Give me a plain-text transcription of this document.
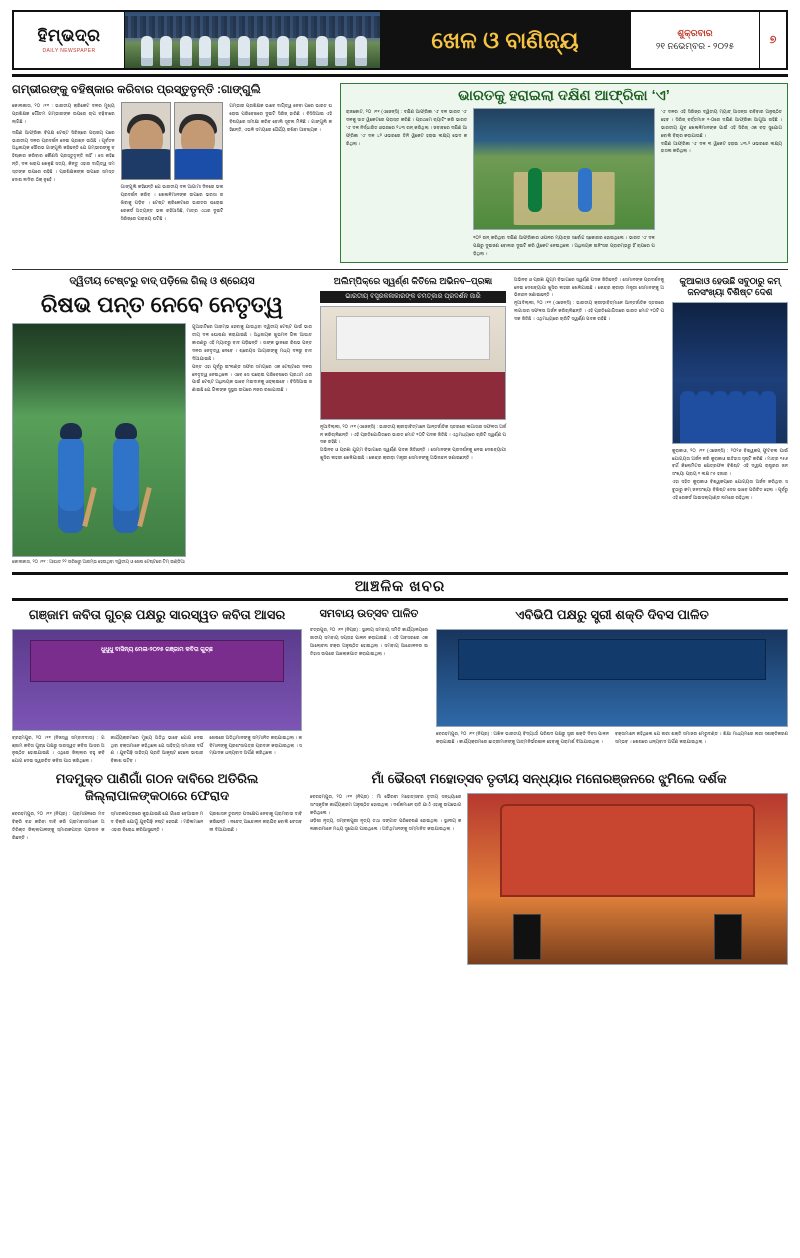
ହିମ୍ଭଦ୍ର
DAILY NEWSPAPER	ଖେଳ ଓ ବାଣିଜ୍ୟ	ଶୁକ୍ରବାର
୨୧ ନଭେମ୍ବର - ୨୦୨୫
୭
ଗମ୍ଭୀରଙ୍କୁ ବହିଷ୍କାର କରିବାର ପ୍ରସ୍ତୁତୃନ୍ତି :ଗାଙ୍ଗୁଲି
କୋଲକାତା, ୨୦ ।୧୧ : ଭାରତୀୟ କ୍ରିକେଟ ଦଳର ମୁଖ୍ୟ ପ୍ରଶିକ୍ଷକ ଗୌତମ ଗମ୍ଭୀରଙ୍କ ଉପରେ ଚାପ ବଢ଼ିବାରେ ଲାଗିଛି ।
ଦକ୍ଷିଣ ଆଫ୍ରିକା ବିପକ୍ଷ ଟେଷ୍ଟ ସିରିଜ୍‌ରେ ପରାଜୟ ପରେ ଭାରତୀୟ ଦଳର ପ୍ରଦର୍ଶନ ନେଇ ପ୍ରଶ୍ନ ଉଠିଛି । ପୂର୍ବତନ ଅଧିନାୟକ ସୌରଭ ଗାଙ୍ଗୁଲି କହିଛନ୍ତି ଯେ ଗମ୍ଭୀରଙ୍କୁ ବହିଷ୍କାର କରିବାର କୌଣସି ପ୍ରସ୍ତୁତୃନ୍ତି ନାହିଁ । ସେ କହିଛନ୍ତି, ଦଳ ଖରାପ ଖେଳୁଛି ସତ୍ୟ, କିନ୍ତୁ ଏହାର ଦାୟିତ୍ୱ ସମସ୍ତଙ୍କ ଉପରେ ରହିଛି । ପ୍ରଶିକ୍ଷକଙ୍କ ଉପରେ ସମସ୍ତ ଦୋଷ ଲଦିବା ଠିକ୍‌ ନୁହେଁ ।
ଗାଙ୍ଗୁଲି କହିଛନ୍ତି ଯେ ଭାରତୀୟ ଦଳ ଆଗାମୀ ଦିନରେ ଭଲ ପ୍ରଦର୍ଶନ କରିବ । ଖେଳାଳିମାନଙ୍କ ଉପରେ ଭରସା ରଖିବାକୁ ପଡ଼ିବ । ଟେଷ୍ଟ କ୍ରିକେଟରେ ଭାରତର ଘରୋଇ ରେକର୍ଡ ଅତ୍ୟନ୍ତ ଭଲ ରହିଆସିଛି, ମାତ୍ର ଏଥର ଦୁଇଟି ସିରିଜ୍‌ରେ ପରାଜୟ ଘଟିଛି ।
ଗମ୍ଭୀର ପ୍ରଶିକ୍ଷକ ଭାବେ ଦାୟିତ୍ୱ ନେବା ପରେ ଭାରତ ଘରୋଇ ପରିବେଶରେ ଦୁଇଟି ସିରିଜ୍‌ ହାରିଛି । ବିସିସିଆଇ ଏହି ବିଷୟରେ ସମୀକ୍ଷା କରିବ ବୋଲି ସୂଚନା ମିଳିଛି । ଗାଙ୍ଗୁଲି କହିଛନ୍ତି, ଏଭଳି ସମୟରେ ଧୈର୍ଯ୍ୟ ରଖିବା ଆବଶ୍ୟକ ।
ଭାରତକୁ ହରାଇଲା ଦକ୍ଷିଣ ଆଫ୍ରିକା ‘ଏ’
ରାଜକୋଟ, ୨୦ ।୧୧ (ଏଜେନ୍ସି) : ଦକ୍ଷିଣ ଆଫ୍ରିକା ‘ଏ’ ଦଳ ଭାରତ ‘ଏ’ ଦଳକୁ ସାତ ୱିକେଟରେ ପରାସ୍ତ କରିଛି । ପ୍ରଥମେ ବ୍ୟାଟିଂ କରି ଭାରତ ‘ଏ’ ଦଳ ନିର୍ଦ୍ଧାରିତ ଓଭରରେ ୨୪୩ ରନ୍ କରିଥିଲା । ଜବାବରେ ଦକ୍ଷିଣ ଆଫ୍ରିକା ‘ଏ’ ଦଳ ୪୨ ଓଭରରେ ତିନି ୱିକେଟ ହରାଇ ଲକ୍ଷ୍ୟ ଭେଦ କରିଥିଲା ।
୧୦୨ ରନ୍ କରିଥିବା ଦକ୍ଷିଣ ଆଫ୍ରିକାର ଓପନର ମ୍ୟାଚ୍‌ର ସର୍ବୋଚ୍ଚ ସ୍କୋରର ହୋଇଥିଲେ । ଭାରତ ‘ଏ’ ଦଳ ପକ୍ଷରୁ ଦୁଇଜଣ ବୋଲର ଦୁଇଟି କରି ୱିକେଟ ନେଇଥିଲେ । ଅଧିନାୟକ ଇନିଂସର ପ୍ରାରମ୍ଭରୁ ହିଁ ଚାପରେ ପଡ଼ିଥିଲା ।
‘ଏ’ ଦଳର ଏହି ସିରିଜ୍‌ର ଦ୍ୱିତୀୟ ମ୍ୟାଚ୍ ଆସନ୍ତା ରବିବାର ଅନୁଷ୍ଠିତ ହେବ । ସିରିଜ୍ ବର୍ତ୍ତମାନ ୧-୦ରେ ଦକ୍ଷିଣ ଆଫ୍ରିକା ଆଗୁଆ ରହିଛି । ଭାରତୀୟ ଯୁବ ଖେଳାଳିମାନଙ୍କ ପାଇଁ ଏହି ସିରିଜ୍ ଏକ ବଡ଼ ସୁଯୋଗ ବୋଲି ବିଚାର କରାଯାଉଛି ।
ଦକ୍ଷିଣ ଆଫ୍ରିକା ‘ଏ’ ଦଳ ୩ ୱିକେଟ ହରାଇ ୪୩.୨ ଓଭରରେ ଲକ୍ଷ୍ୟ ହାସଲ କରିଥିଲା ।
ଦ୍ୱିତୀୟ ଟେଷ୍ଟରୁ ବାଦ୍‌ ପଡ଼ିଲେ ଗିଲ୍ ଓ ଶ୍ରେୟସ
ରିଷଭ ପନ୍ତ ନେବେ ନେତୃତ୍ୱ
କୋଲକାତା, ୨୦ ।୧୧ : ଆଘାତ ୨୨ ତାରିଖରୁ ଆରମ୍ଭ ହେଉଥିବା ଦ୍ୱିତୀୟ ଓ ଶେଷ ଟେଷ୍ଟରେ ଟିମ୍ ଇଣ୍ଡିଆ
ଗୁଆହାଟିରେ ଆରମ୍ଭ ହେବାକୁ ଯାଉଥିବା ଦ୍ୱିତୀୟ ଟେଷ୍ଟ ପାଇଁ ଭାରତୀୟ ଦଳ ଘୋଷଣା କରାଯାଇଛି । ଅଧିନାୟକ ଶୁଭମନ ଗିଲ ଆଘାତ କାରଣରୁ ଏହି ମ୍ୟାଚ୍‌ରୁ ବାଦ ପଡ଼ିଛନ୍ତି । ତାଙ୍କ ସ୍ଥାନରେ ରିଷଭ ପନ୍ତ ଦଳର ନେତୃତ୍ୱ ନେବେ । ଶ୍ରେୟସ ଆୟାରଙ୍କୁ ମଧ୍ୟ ଦଳରୁ ବାଦ ଦିଆଯାଇଛି ।
ପନ୍ତ ଏହା ପୂର୍ବରୁ ଇଂଲଣ୍ଡ ସଫର ସମୟରେ ଏକ ଟେଷ୍ଟରେ ଦଳର ନେତୃତ୍ୱ ନେଇଥିଲେ । ଏବେ ସେ ଘରୋଇ ପରିବେଶରେ ପ୍ରଥମ ଥର ପାଇଁ ଟେଷ୍ଟ ଅଧିନାୟକ ଭାବେ ମଇଦାନକୁ ଓହ୍ଲାଇବେ । ବିସିସିଆଇ ଜଣାଇଛି ଯେ ଗିଲଙ୍କ ସୁସ୍ଥତା ଉପରେ ନଜର ରଖାଯାଉଛି ।
ଅଲିମ୍ପିକ୍‌ରେ ସ୍ୱର୍ଣ୍ଣ କିତିଲେ ଅଭିନବ–ପ୍ରଜ୍ଞା
ଭାରତୀୟ ବସ୍ତ୍ରକଳାକାରଙ୍କ ଚମତ୍କାର ପ୍ରଦର୍ଶନ ଜାରି
ନୂଆଦିଲ୍ଲୀ, ୨୦ ।୧୧ (ଏଜେନ୍ସି) : ଭାରତୀୟ କ୍ରୀଡ଼ାବିତ୍‌ମାନେ ଆନ୍ତର୍ଜାତିକ ସ୍ତରରେ ଲଗାତାର ସଫଳତା ଅର୍ଜନ କରିଚାଲିଛନ୍ତି । ଏହି ପ୍ରତିଯୋଗିତାରେ ଭାରତ ମୋଟ ୧୦ଟି ପଦକ ଜିତିଛି । ଏଥିମଧ୍ୟରେ ଚାରିଟି ସ୍ୱର୍ଣ୍ଣ ପଦକ ରହିଛି ।
ଅଭିନବ ଓ ପ୍ରଜ୍ଞା ଯୁଗ୍ମ ବିଭାଗରେ ସ୍ୱର୍ଣ୍ଣ ପଦକ ଜିତିଛନ୍ତି । ସେମାନଙ୍କ ପ୍ରଦର୍ଶନକୁ ନେଇ ଦେଶବ୍ୟାପୀ ଖୁସିର ଲହରୀ ଖେଳିଯାଇଛି । କେନ୍ଦ୍ର କ୍ରୀଡ଼ା ମନ୍ତ୍ରୀ ସେମାନଙ୍କୁ ଅଭିନନ୍ଦନ ଜଣାଇଛନ୍ତି ।
ଅଭିନବ ଓ ପ୍ରଜ୍ଞା ଯୁଗ୍ମ ବିଭାଗରେ ସ୍ୱର୍ଣ୍ଣ ପଦକ ଜିତିଛନ୍ତି । ସେମାନଙ୍କ ପ୍ରଦର୍ଶନକୁ ନେଇ ଦେଶବ୍ୟାପୀ ଖୁସିର ଲହରୀ ଖେଳିଯାଇଛି । କେନ୍ଦ୍ର କ୍ରୀଡ଼ା ମନ୍ତ୍ରୀ ସେମାନଙ୍କୁ ଅଭିନନ୍ଦନ ଜଣାଇଛନ୍ତି ।
ନୂଆଦିଲ୍ଲୀ, ୨୦ ।୧୧ (ଏଜେନ୍ସି) : ଭାରତୀୟ କ୍ରୀଡ଼ାବିତ୍‌ମାନେ ଆନ୍ତର୍ଜାତିକ ସ୍ତରରେ ଲଗାତାର ସଫଳତା ଅର୍ଜନ କରିଚାଲିଛନ୍ତି । ଏହି ପ୍ରତିଯୋଗିତାରେ ଭାରତ ମୋଟ ୧୦ଟି ପଦକ ଜିତିଛି । ଏଥିମଧ୍ୟରେ ଚାରିଟି ସ୍ୱର୍ଣ୍ଣ ପଦକ ରହିଛି ।
କୁଆକାଓ ହେଉଛି ସବୁଠାରୁ କମ୍ ଜନସଂଖ୍ୟା ବିଶିଷ୍ଟ ଦେଶ
କୁରାକାଓ, ୨୦ ।୧୧ (ଏଜେନ୍ସି) : ୨୦୨୬ ବିଶ୍ୱକପ୍ ଫୁଟବଲ ପାଇଁ ଯୋଗ୍ୟତା ଅର୍ଜନ କରି କୁରାକାଓ ଇତିହାସ ସୃଷ୍ଟି କରିଛି । ମାତ୍ର ୧୫୬ ବର୍ଗ କିଲୋମିଟର କ୍ଷେତ୍ରଫଳ ବିଶିଷ୍ଟ ଏହି ଦ୍ୱୀପ ରାଷ୍ଟ୍ରର ଜନସଂଖ୍ୟା ପ୍ରାୟ ୧ ଲକ୍ଷ ୮୫ ହଜାର ।
ଏହା ସହିତ କୁରାକାଓ ବିଶ୍ୱକପ୍‌ରେ ଯୋଗ୍ୟତା ଅର୍ଜନ କରିଥିବା ସବୁଠାରୁ କମ୍ ଜନସଂଖ୍ୟା ବିଶିଷ୍ଟ ଦେଶ ଭାବେ ପରିଚିତ ହେଲା । ପୂର୍ବରୁ ଏହି ରେକର୍ଡ ଆଇସଲ୍ୟାଣ୍ଡ ନାମରେ ରହିଥିଲା ।
ଆଞ୍ଚଳିକ ଖବର
ଗଞ୍ଜାମ କବିତା ଗୁଚ୍ଛ ପକ୍ଷରୁ ସାରସ୍ୱତ କବିତା ଆସର
ଧୁଧୁଧୁ ବାସିନ୍ୟ ମେଳା-୨୦୨୫ ଗଞ୍ଜାମ କବିତା ଗୁଚ୍ଛ
ବ୍ରହ୍ମପୁର, ୨୦ ।୧୧ (ନିଜସ୍ୱ ସମ୍ବାଦଦାତା) : ଗଞ୍ଜାମ କବିତା ଗୁଚ୍ଛ ପକ୍ଷରୁ ସାରସ୍ୱତ କବିତା ଆସର ଅନୁଷ୍ଠିତ ହୋଇଯାଇଛି । ଏଥିରେ ଜିଲ୍ଲାର ବହୁ କବି ଯୋଗ ଦେଇ ସ୍ୱରଚିତ କବିତା ପାଠ କରିଥିଲେ ।
କାର୍ଯ୍ୟକ୍ରମରେ ମୁଖ୍ୟ ଅତିଥି ଭାବେ ଯୋଗ ଦେଇଥିବା ବକ୍ତାମାନେ କହିଥିଲେ ଯେ ସାହିତ୍ୟ ସମାଜର ଦର୍ପଣ । ଯୁବପିଢ଼ି ସାହିତ୍ୟ ପ୍ରତି ଆକୃଷ୍ଟ ହେଲେ ଭାଷାର ବିକାଶ ଘଟିବ ।
ଶେଷରେ ଅତିଥିମାନଙ୍କୁ ସମ୍ମାନିତ କରାଯାଇଥିଲା । କବିମାନଙ୍କୁ ପ୍ରଶଂସାପତ୍ର ପ୍ରଦାନ କରାଯାଇଥିଲା । ସମ୍ପାଦକ ଧନ୍ୟବାଦ ଅର୍ପଣ କରିଥିଲେ ।
ସମବାୟ ଉତ୍ସବ ପାଳିତ
ଚତ୍ରପୁର, ୨୦ ।୧୧ (ନିପ୍ର) : ସ୍ଥାନୀୟ ସମବାୟ ସମିତି କାର୍ଯ୍ୟାଳୟରେ ଜାତୀୟ ସମବାୟ ସପ୍ତାହ ପାଳନ କରାଯାଇଛି । ଏହି ଅବସରରେ ଏକ ଆଲୋଚନା ଚକ୍ର ଅନୁଷ୍ଠିତ ହୋଇଥିଲା । ସମବାୟ ଆନ୍ଦୋଳନର ଇତିହାସ ଉପରେ ଆଲୋକପାତ କରାଯାଇଥିଲା ।
ଏବିଭିପି ପକ୍ଷରୁ ସ୍ତ୍ରୀ ଶକ୍ତି ଦିବସ ପାଳିତ
ବେରହମ୍ପୁର, ୨୦ ।୧୧ (ନିପ୍ର) : ଅଖିଳ ଭାରତୀୟ ବିଦ୍ୟାର୍ଥୀ ପରିଷଦ ପକ୍ଷରୁ ସ୍ତ୍ରୀ ଶକ୍ତି ଦିବସ ପାଳନ କରାଯାଇଛି । କାର୍ଯ୍ୟକ୍ରମରେ ଛାତ୍ରୀମାନଙ୍କୁ ଆତ୍ମନିର୍ଭରଶୀଳ ହେବାକୁ ପରାମର୍ଶ ଦିଆଯାଇଥିଲା ।
ବକ୍ତାମାନେ କହିଥିଲେ ଯେ ନାରୀ ଶକ୍ତି ସମାଜର ମେରୁଦଣ୍ଡ । ଶିକ୍ଷା ମାଧ୍ୟମରେ ନାରୀ ସଶକ୍ତିକରଣ ସମ୍ଭବ । ଶେଷରେ ଧନ୍ୟବାଦ ଅର୍ପଣ କରାଯାଇଥିଲା ।
ମଦମୁକ୍ତ ପାଣିଗାଁ ଗଠନ ଦାବିରେ ଅତିରିଲ ଜିଲ୍ଲାପାଳଙ୍କଠାରେ ଫେରାଦ
ବେରହମ୍ପୁର, ୨୦ ।୧୧ (ନିପ୍ର) : ଗ୍ରାମାଞ୍ଚଳରେ ମଦ ବିକ୍ରି ବନ୍ଦ କରିବା ଦାବି କରି ଗ୍ରାମବାସୀମାନେ ଅତିରିକ୍ତ ଜିଲ୍ଲାପାଳଙ୍କୁ ସ୍ମାରକପତ୍ର ପ୍ରଦାନ କରିଛନ୍ତି ।
ସ୍ମାରକପତ୍ରରେ କୁହାଯାଇଛି ଯେ ଗାଁରେ ବେଆଇନ ମଦ ବିକ୍ରି ଯୋଗୁଁ ଯୁବପିଢ଼ି ନଷ୍ଟ ହେଉଛି । ମହିଳାମାନେ ଏହାର ବିରୋଧ କରିଆସୁଛନ୍ତି ।
ପ୍ରଶାସନ ତୁରନ୍ତ ପଦକ୍ଷେପ ନେବାକୁ ଗ୍ରାମବାସୀ ଦାବି କରିଛନ୍ତି । ନଚେତ୍ ଆନ୍ଦୋଳନ କରାଯିବ ବୋଲି ଚେତାବନୀ ଦିଆଯାଇଛି ।
ମାଁ ଭୈରବୀ ମହୋତ୍ସବ ତୃତୀୟ ସନ୍ଧ୍ୟାର ମନୋରଞ୍ଜନରେ ଝୁମିଲେ ଦର୍ଶକ
ବେରହମ୍ପୁର, ୨୦ ।୧୧ (ନିପ୍ର) : ମାଁ ଭୈରବୀ ମହୋତ୍ସବର ତୃତୀୟ ସନ୍ଧ୍ୟାରେ ସାଂସ୍କୃତିକ କାର୍ଯ୍ୟକ୍ରମ ଅନୁଷ୍ଠିତ ହୋଇଥିଲା । ଦର୍ଶକମାନେ ରାତି ଯାଏଁ ଏହାକୁ ଉପଭୋଗ କରିଥିଲେ ।
ଓଡ଼ିଶୀ ନୃତ୍ୟ, ସମ୍ବଲପୁରୀ ନୃତ୍ୟ ତଥା ସଙ୍ଗୀତ ପରିବେଷଣ ହୋଇଥିଲା । ସ୍ଥାନୀୟ କଳାକାରମାନେ ମଧ୍ୟ ସୁଯୋଗ ପାଇଥିଲେ । ଅତିଥିମାନଙ୍କୁ ସମ୍ମାନିତ କରାଯାଇଥିଲା ।
